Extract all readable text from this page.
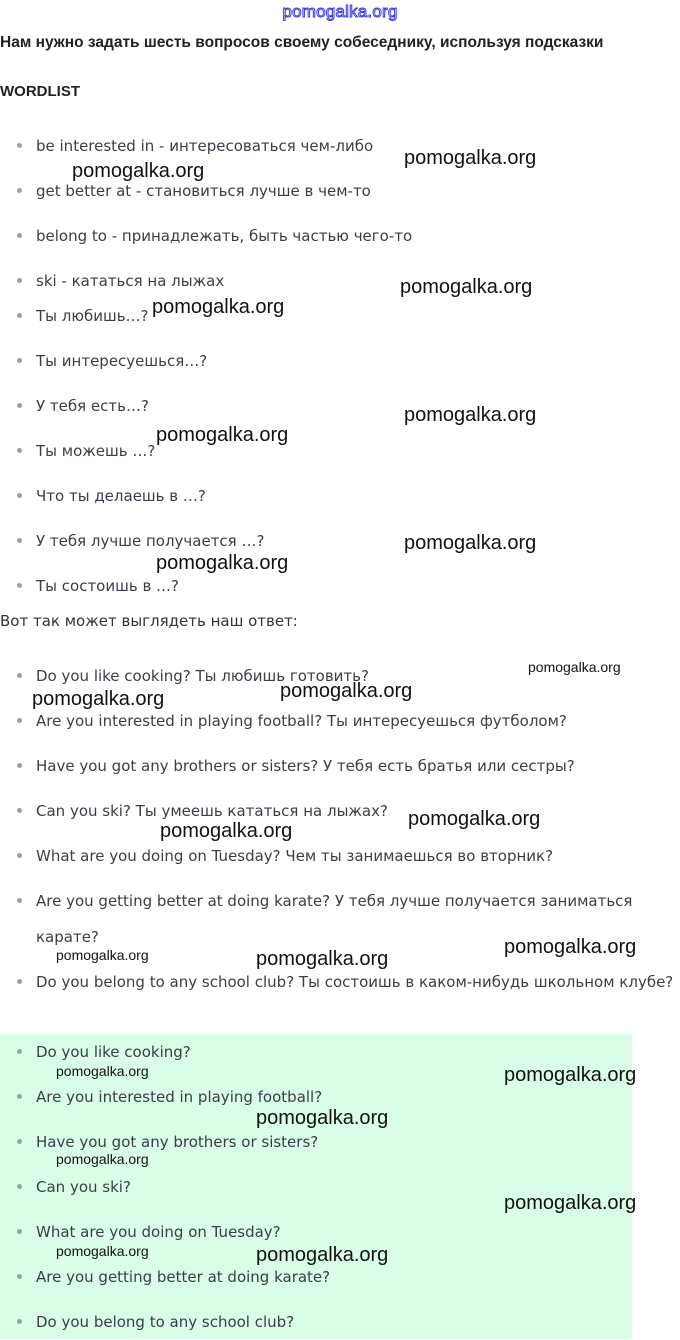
pomogalka.org
Нам нужно задать шесть вопросов своему собеседнику, используя подсказки
WORDLIST
be interested in - интересоваться чем-либо
get better at - становиться лучше в чем-то
belong to - принадлежать, быть частью чего-то
ski - кататься на лыжах
Ты любишь…?
Ты интересуешься…?
У тебя есть…?
Ты можешь …?
Что ты делаешь в …?
У тебя лучше получается …?
Ты состоишь в …?
Вот так может выглядеть наш ответ:
Do you like cooking? Ты любишь готовить?
Are you interested in playing football? Ты интересуешься футболом?
Have you got any brothers or sisters? У тебя есть братья или сестры?
Can you ski? Ты умеешь кататься на лыжах?
What are you doing on Tuesday? Чем ты занимаешься во вторник?
Are you getting better at doing karate? У тебя лучше получается заниматься карате?
Do you belong to any school club? Ты состоишь в каком-нибудь школьном клубе?
Do you like cooking?
Are you interested in playing football?
Have you got any brothers or sisters?
Can you ski?
What are you doing on Tuesday?
Are you getting better at doing karate?
Do you belong to any school club?
pomogalka.org
pomogalka.org
pomogalka.org
pomogalka.org
pomogalka.org
pomogalka.org
pomogalka.org
pomogalka.org
pomogalka.org
pomogalka.org
pomogalka.org
pomogalka.org
pomogalka.org
pomogalka.org
pomogalka.org	pomogalka.org
pomogalka.org	pomogalka.org
pomogalka.org
pomogalka.org
pomogalka.org
pomogalka.org	pomogalka.org
